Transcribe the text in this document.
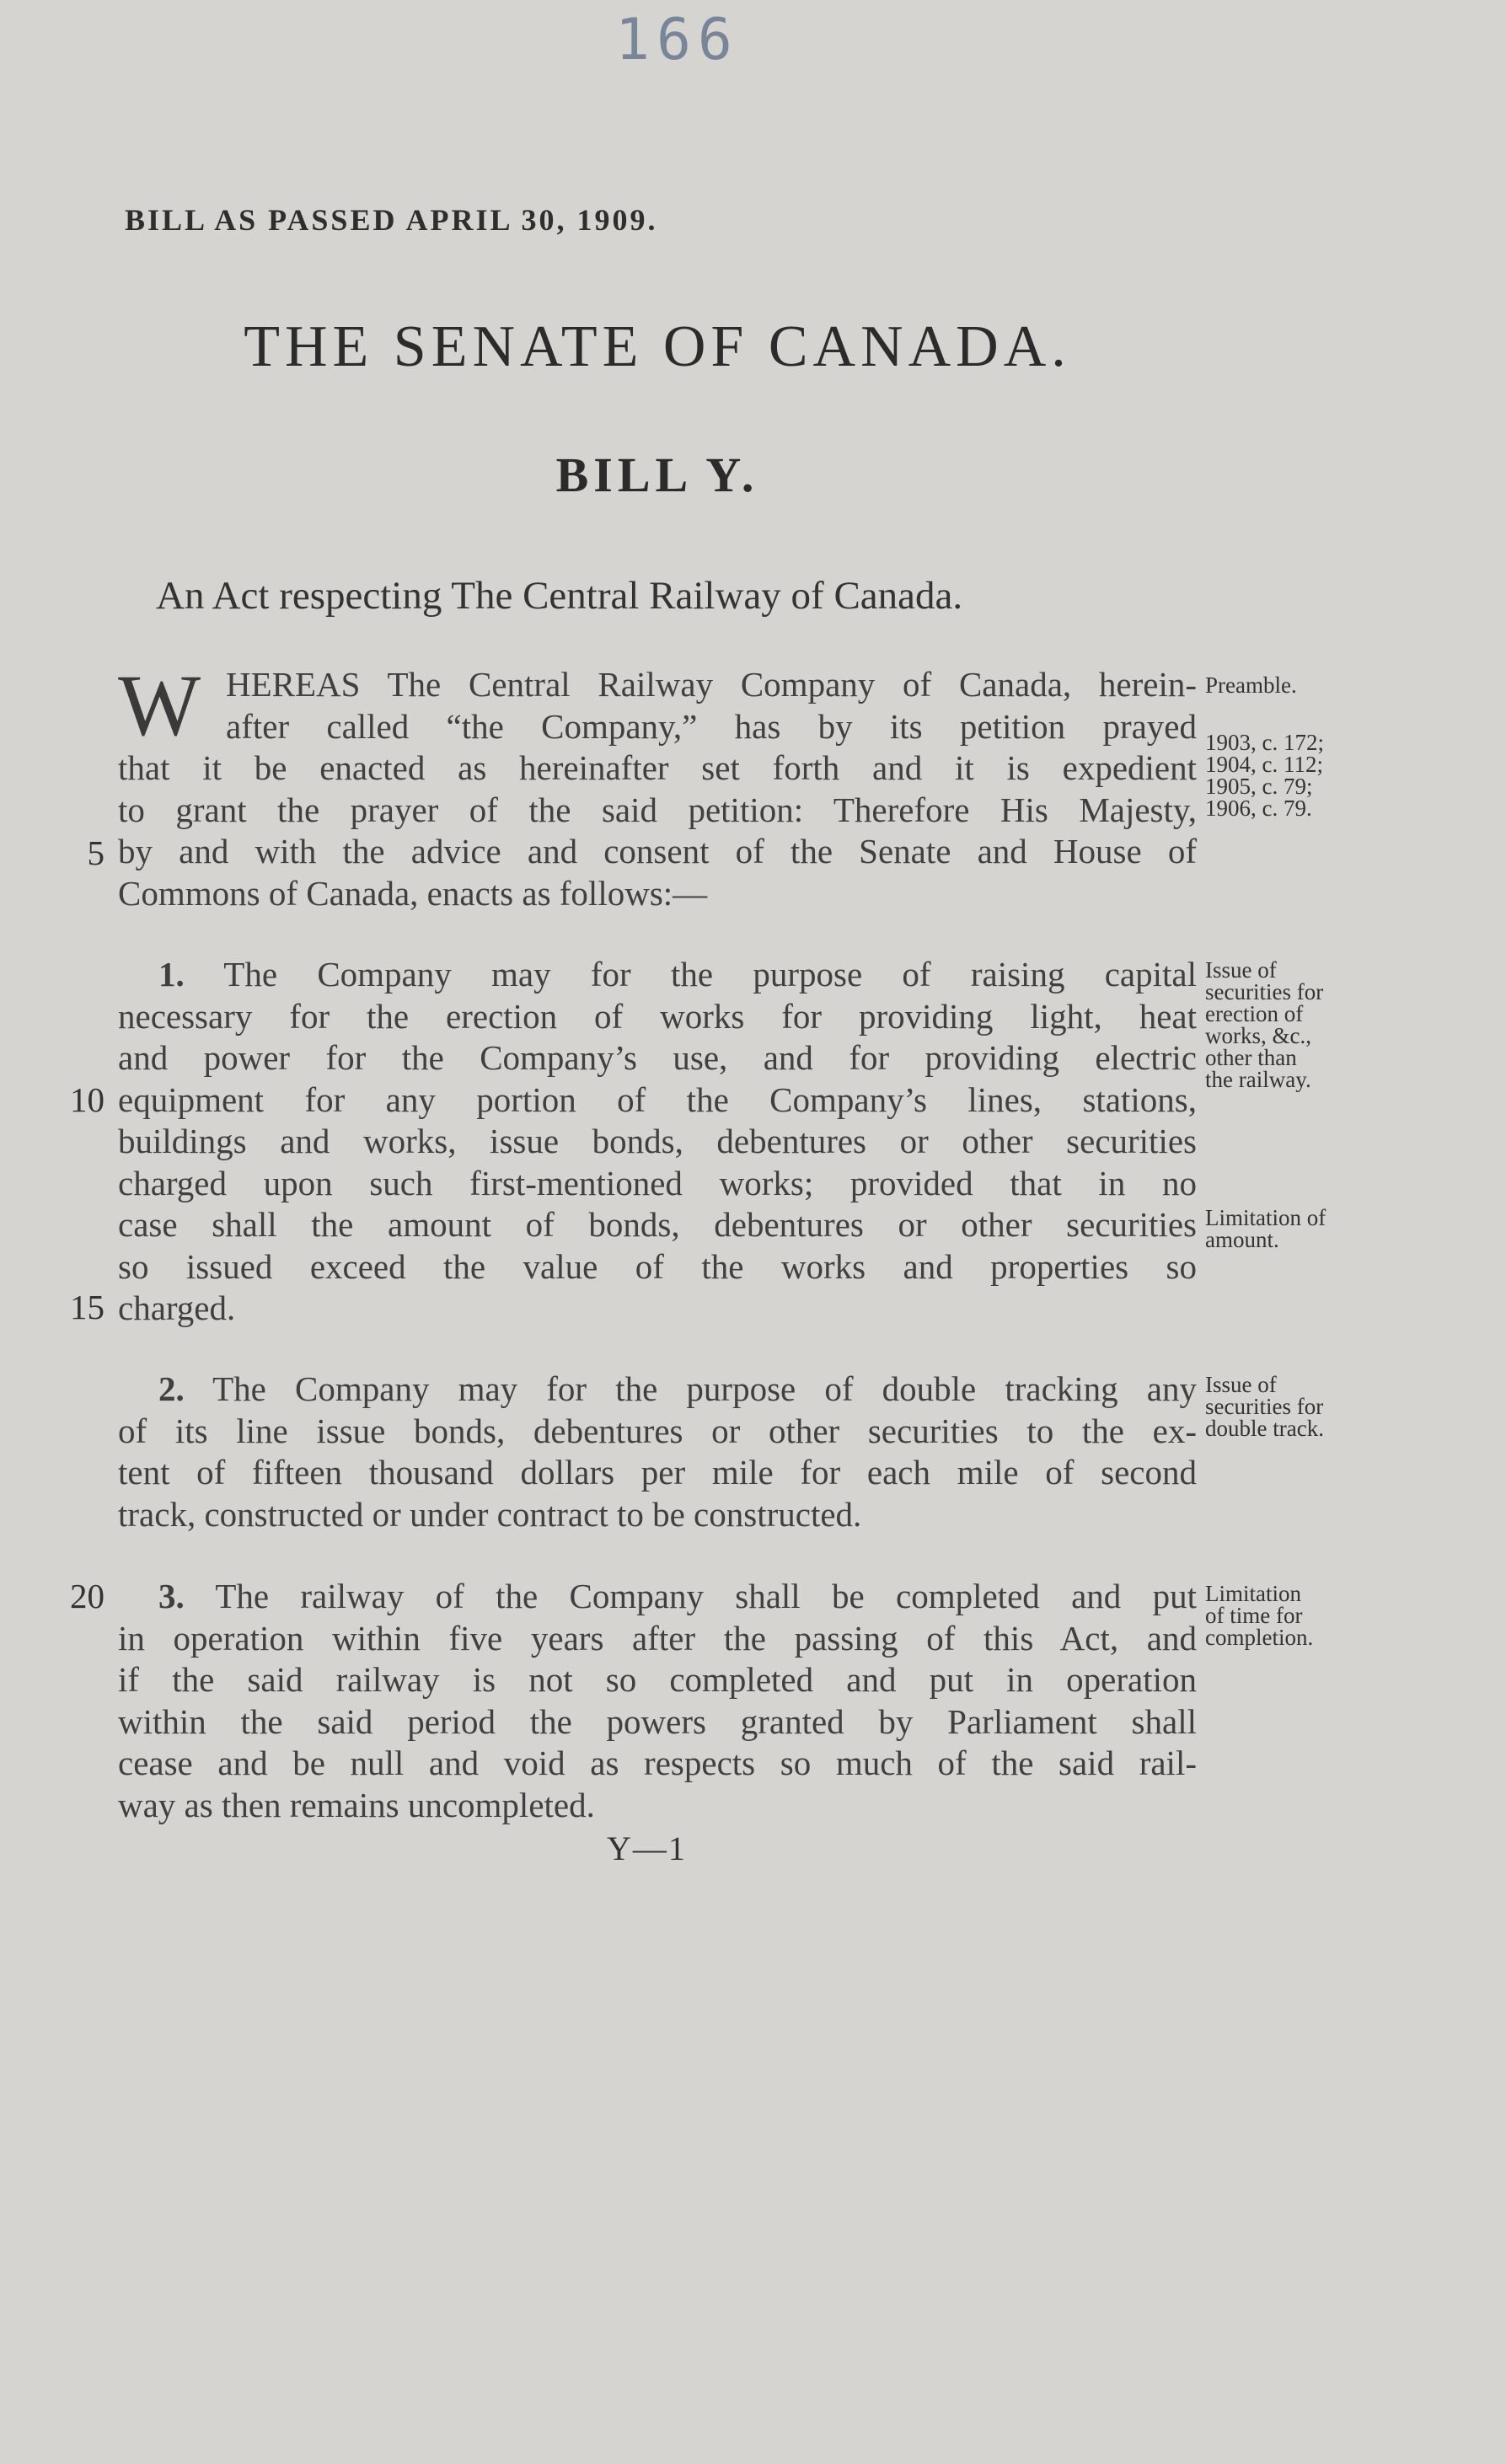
166
BILL AS PASSED APRIL 30, 1909.
THE SENATE OF CANADA.
BILL Y.
An Act respecting The Central Railway of Canada.
W HEREAS The Central Railway Company of Canada, herein-
after called “the Company,” has by its petition prayed
that it be enacted as hereinafter set forth and it is expedient
to grant the prayer of the said petition: Therefore His Majesty,
by and with the advice and consent of the Senate and House of
Commons of Canada, enacts as follows:—
1. The Company may for the purpose of raising capital
necessary for the erection of works for providing light, heat
and power for the Company’s use, and for providing electric
equipment for any portion of the Company’s lines, stations,
buildings and works, issue bonds, debentures or other securities
charged upon such first-mentioned works; provided that in no
case shall the amount of bonds, debentures or other securities
so issued exceed the value of the works and properties so
charged.
2. The Company may for the purpose of double tracking any
of its line issue bonds, debentures or other securities to the ex-
tent of fifteen thousand dollars per mile for each mile of second
track, constructed or under contract to be constructed.
3. The railway of the Company shall be completed and put
in operation within five years after the passing of this Act, and
if the said railway is not so completed and put in operation
within the said period the powers granted by Parliament shall
cease and be null and void as respects so much of the said rail-
way as then remains uncompleted.
5
10
15
20
Preamble.
1903, c. 172;
1904, c. 112;
1905, c. 79;
1906, c. 79.
Issue of
securities for
erection of
works, &c.,
other than
the railway.
Limitation of
amount.
Issue of
securities for
double track.
Limitation
of time for
completion.
Y—1
